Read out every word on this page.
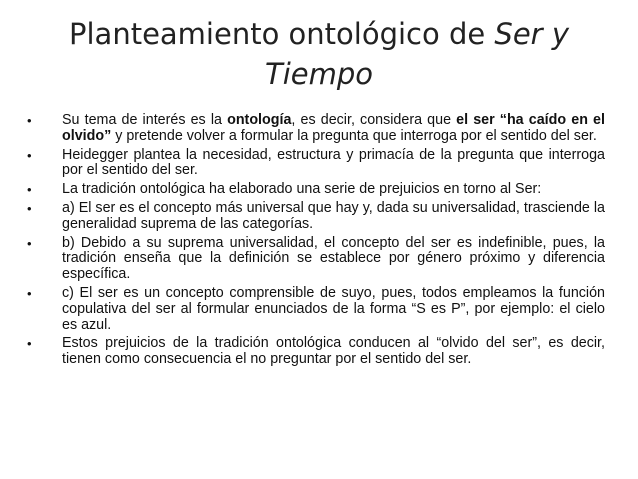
Planteamiento ontológico de Ser y
Tiempo
• Su tema de interés es la ontología, es decir, considera que el ser “ha caído en el olvido” y pretende volver a formular la pregunta que interroga por el sentido del ser.
• Heidegger plantea la necesidad, estructura y primacía de la pregunta que interroga por el sentido del ser.
• La tradición ontológica ha elaborado una serie de prejuicios en torno al Ser:
• a) El ser es el concepto más universal que hay y, dada su universalidad, trasciende la generalidad suprema de las categorías.
• b) Debido a su suprema universalidad, el concepto del ser es indefinible, pues, la tradición enseña que la definición se establece por género próximo y diferencia específica.
• c) El ser es un concepto comprensible de suyo, pues, todos empleamos la función copulativa del ser al formular enunciados de la forma “S es P”, por ejemplo: el cielo es azul.
• Estos prejuicios de la tradición ontológica conducen al “olvido del ser”, es decir, tienen como consecuencia el no preguntar por el sentido del ser.
